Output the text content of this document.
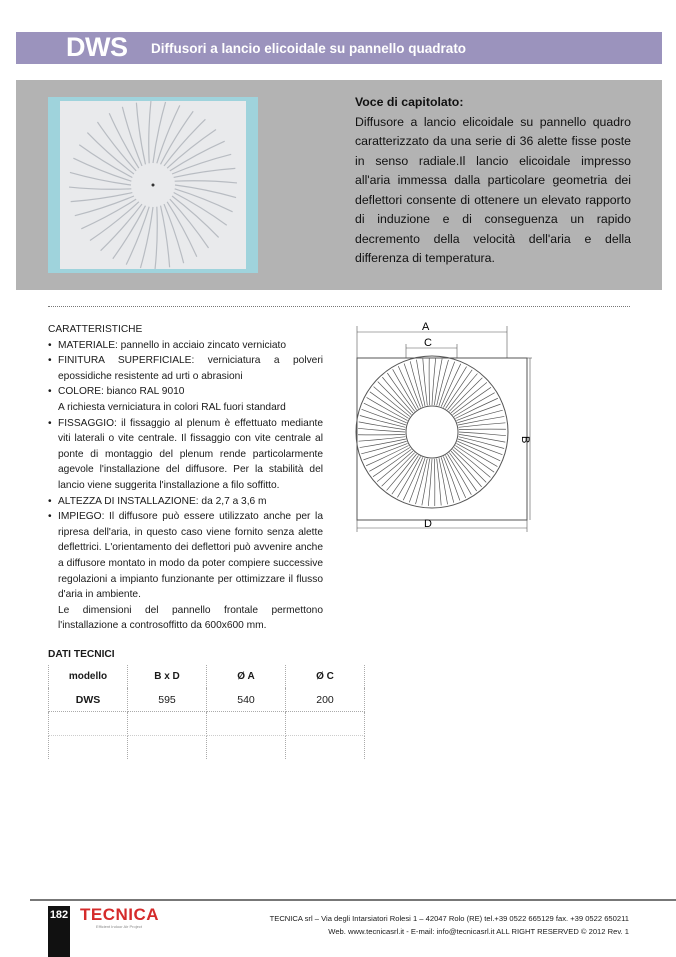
DWS Diffusori a lancio elicoidale su pannello quadrato
Voce di capitolato:
Diffusore a lancio elicoidale su pannello quadro caratterizzato da una serie di 36 alette fisse poste in senso radiale.Il lancio elicoidale impresso all'aria immessa dalla particolare geometria dei deflettori consente di ottenere un elevato rapporto di induzione e di conseguenza un rapido decremento della velocità dell'aria e della differenza di temperatura.
CARATTERISTICHE
• MATERIALE: pannello in acciaio zincato verniciato
• FINITURA SUPERFICIALE: verniciatura a polveri epossidiche resistente ad urti o abrasioni
• COLORE: bianco RAL 9010
A richiesta verniciatura in colori RAL fuori standard
• FISSAGGIO: il fissaggio al plenum è effettuato mediante viti laterali o vite centrale. Il fissaggio con vite centrale al ponte di montaggio del plenum rende particolarmente agevole l'installazione del diffusore. Per la stabilità del lancio viene suggerita l'installazione a filo soffitto.
• ALTEZZA DI INSTALLAZIONE: da 2,7 a 3,6 m
• IMPIEGO: Il diffusore può essere utilizzato anche per la ripresa dell'aria, in questo caso viene fornito senza alette deflettrici. L'orientamento dei deflettori può avvenire anche a diffusore montato in modo da poter compiere successive regolazioni a impianto funzionante per ottimizzare il flusso d'aria in ambiente.
Le dimensioni del pannello frontale permettono l'installazione a controsoffitto da 600x600 mm.
A
C
B
D
DATI TECNICI
modello	B x D	Ø A	Ø C
DWS	595	540	200

182 TECNICA
Efficient Indoor Air Project
TECNICA srl – Via degli Intarsiatori Rolesi 1 – 42047 Rolo (RE) tel.+39 0522 665129 fax. +39 0522 650211
Web. www.tecnicasrl.it - E-mail: info@tecnicasrl.it ALL RIGHT RESERVED © 2012 Rev. 1
